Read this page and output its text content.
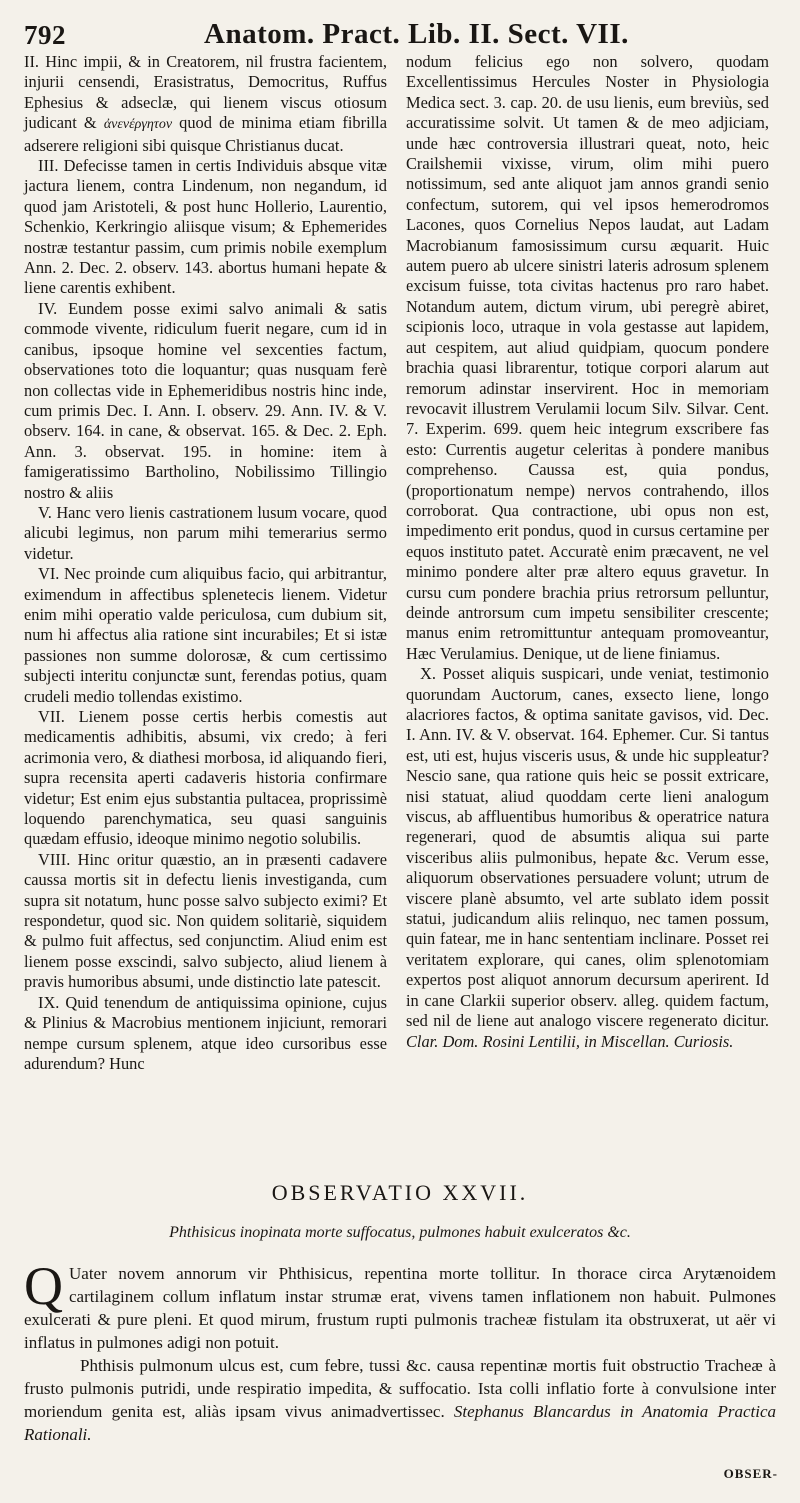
792	Anatom. Pract. Lib. II. Sect. VII.

II. Hinc impii, & in Creatorem, nil frustra facientem, injurii censendi, Erasistratus, Democritus, Ruffus Ephesius & adseclæ, qui lienem viscus otiosum judicant & ἀνενέργητον quod de minima etiam fibrilla adserere religioni sibi quisque Christianus ducat.

III. Defecisse tamen in certis Individuis absque vitæ jactura lienem, contra Lindenum, non negandum, id quod jam Aristoteli, & post hunc Hollerio, Laurentio, Schenkio, Kerkringio aliisque visum; & Ephemerides nostræ testantur passim, cum primis nobile exemplum Ann. 2. Dec. 2. observ. 143. abortus humani hepate & liene carentis exhibent.

IV. Eundem posse eximi salvo animali & satis commode vivente, ridiculum fuerit negare, cum id in canibus, ipsoque homine vel sexcenties factum, observationes toto die loquantur; quas nusquam ferè non collectas vide in Ephemeridibus nostris hinc inde, cum primis Dec. I. Ann. I. observ. 29. Ann. IV. & V. observ. 164. in cane, & observat. 165. & Dec. 2. Eph. Ann. 3. observat. 195. in homine: item à famigeratissimo Bartholino, Nobilissimo Tillingio nostro & aliis

V. Hanc vero lienis castrationem lusum vocare, quod alicubi legimus, non parum mihi temerarius sermo videtur.

VI. Nec proinde cum aliquibus facio, qui arbitrantur, eximendum in affectibus splenetecis lienem. Videtur enim mihi operatio valde periculosa, cum dubium sit, num hi affectus alia ratione sint incurabiles; Et si istæ passiones non summe dolorosæ, & cum certissimo subjecti interitu conjunctæ sunt, ferendas potius, quam crudeli medio tollendas existimo.

VII. Lienem posse certis herbis comestis aut medicamentis adhibitis, absumi, vix credo; à feri acrimonia vero, & diathesi morbosa, id aliquando fieri, supra recensita aperti cadaveris historia confirmare videtur; Est enim ejus substantia pultacea, proprissimè loquendo parenchymatica, seu quasi sanguinis quædam effusio, ideoque minimo negotio solubilis.

VIII. Hinc oritur quæstio, an in præsenti cadavere caussa mortis sit in defectu lienis investiganda, cum supra sit notatum, hunc posse salvo subjecto eximi? Et respondetur, quod sic. Non quidem solitariè, siquidem & pulmo fuit affectus, sed conjunctim. Aliud enim est lienem posse exscindi, salvo subjecto, aliud lienem à pravis humoribus absumi, unde distinctio late patescit.

IX. Quid tenendum de antiquissima opinione, cujus & Plinius & Macrobius mentionem injiciunt, remorari nempe cursum splenem, atque ideo cursoribus esse adurendum? Hunc

nodum felicius ego non solvero, quodam Excellentissimus Hercules Noster in Physiologia Medica sect. 3. cap. 20. de usu lienis, eum breviùs, sed accuratissime solvit. Ut tamen & de meo adjiciam, unde hæc controversia illustrari queat, noto, heic Crailshemii vixisse, virum, olim mihi puero notissimum, sed ante aliquot jam annos grandi senio confectum, sutorem, qui vel ipsos hemerodromos Lacones, quos Cornelius Nepos laudat, aut Ladam Macrobianum famosissimum cursu æquarit. Huic autem puero ab ulcere sinistri lateris adrosum splenem excisum fuisse, tota civitas hactenus pro raro habet. Notandum autem, dictum virum, ubi peregrè abiret, scipionis loco, utraque in vola gestasse aut lapidem, aut cespitem, aut aliud quidpiam, quocum pondere brachia quasi librarentur, totique corpori alarum aut remorum adinstar inservirent. Hoc in memoriam revocavit illustrem Verulamii locum Silv. Silvar. Cent. 7. Experim. 699. quem heic integrum exscribere fas esto: Currentis augetur celeritas à pondere manibus comprehenso. Caussa est, quia pondus, (proportionatum nempe) nervos contrahendo, illos corroborat. Qua contractione, ubi opus non est, impedimento erit pondus, quod in cursus certamine per equos instituto patet. Accuratè enim præcavent, ne vel minimo pondere alter præ altero equus gravetur. In cursu cum pondere brachia prius retrorsum pelluntur, deinde antrorsum cum impetu sensibiliter crescente; manus enim retromittuntur antequam promoveantur, Hæc Verulamius. Denique, ut de liene finiamus.

X. Posset aliquis suspicari, unde veniat, testimonio quorundam Auctorum, canes, exsecto liene, longo alacriores factos, & optima sanitate gavisos, vid. Dec. I. Ann. IV. & V. observat. 164. Ephemer. Cur. Si tantus est, uti est, hujus visceris usus, & unde hic suppleatur? Nescio sane, qua ratione quis heic se possit extricare, nisi statuat, aliud quoddam certe lieni analogum viscus, ab affluentibus humoribus & operatrice natura regenerari, quod de absumtis aliqua sui parte visceribus aliis pulmonibus, hepate &c. Verum esse, aliquorum observationes persuadere volunt; utrum de viscere planè absumto, vel arte sublato idem possit statui, judicandum aliis relinquo, nec tamen possum, quin fatear, me in hanc sententiam inclinare. Posset rei veritatem explorare, qui canes, olim splenotomiam expertos post aliquot annorum decursum aperirent. Id in cane Clarkii superior observ. alleg. quidem factum, sed nil de liene aut analogo viscere regenerato dicitur. Clar. Dom. Rosini Lentilii, in Miscellan. Curiosis.

OBSERVATIO XXVII.
Phthisicus inopinata morte suffocatus, pulmones habuit exulceratos &c.

Q Uater novem annorum vir Phthisicus, repentina morte tollitur. In thorace circa Arytænoidem cartilaginem collum inflatum instar strumæ erat, vivens tamen inflationem non habuit. Pulmones exulcerati & pure pleni. Et quod mirum, frustum rupti pulmonis tracheæ fistulam ita obstruxerat, ut aër vi inflatus in pulmones adigi non potuit.

Phthisis pulmonum ulcus est, cum febre, tussi &c. causa repentinæ mortis fuit obstructio Tracheæ à frusto pulmonis putridi, unde respiratio impedita, & suffocatio. Ista colli inflatio forte à convulsione inter moriendum genita est, aliàs ipsam vivus animadvertissec. Stephanus Blancardus in Anatomia Practica Rationali.

OBSER-
